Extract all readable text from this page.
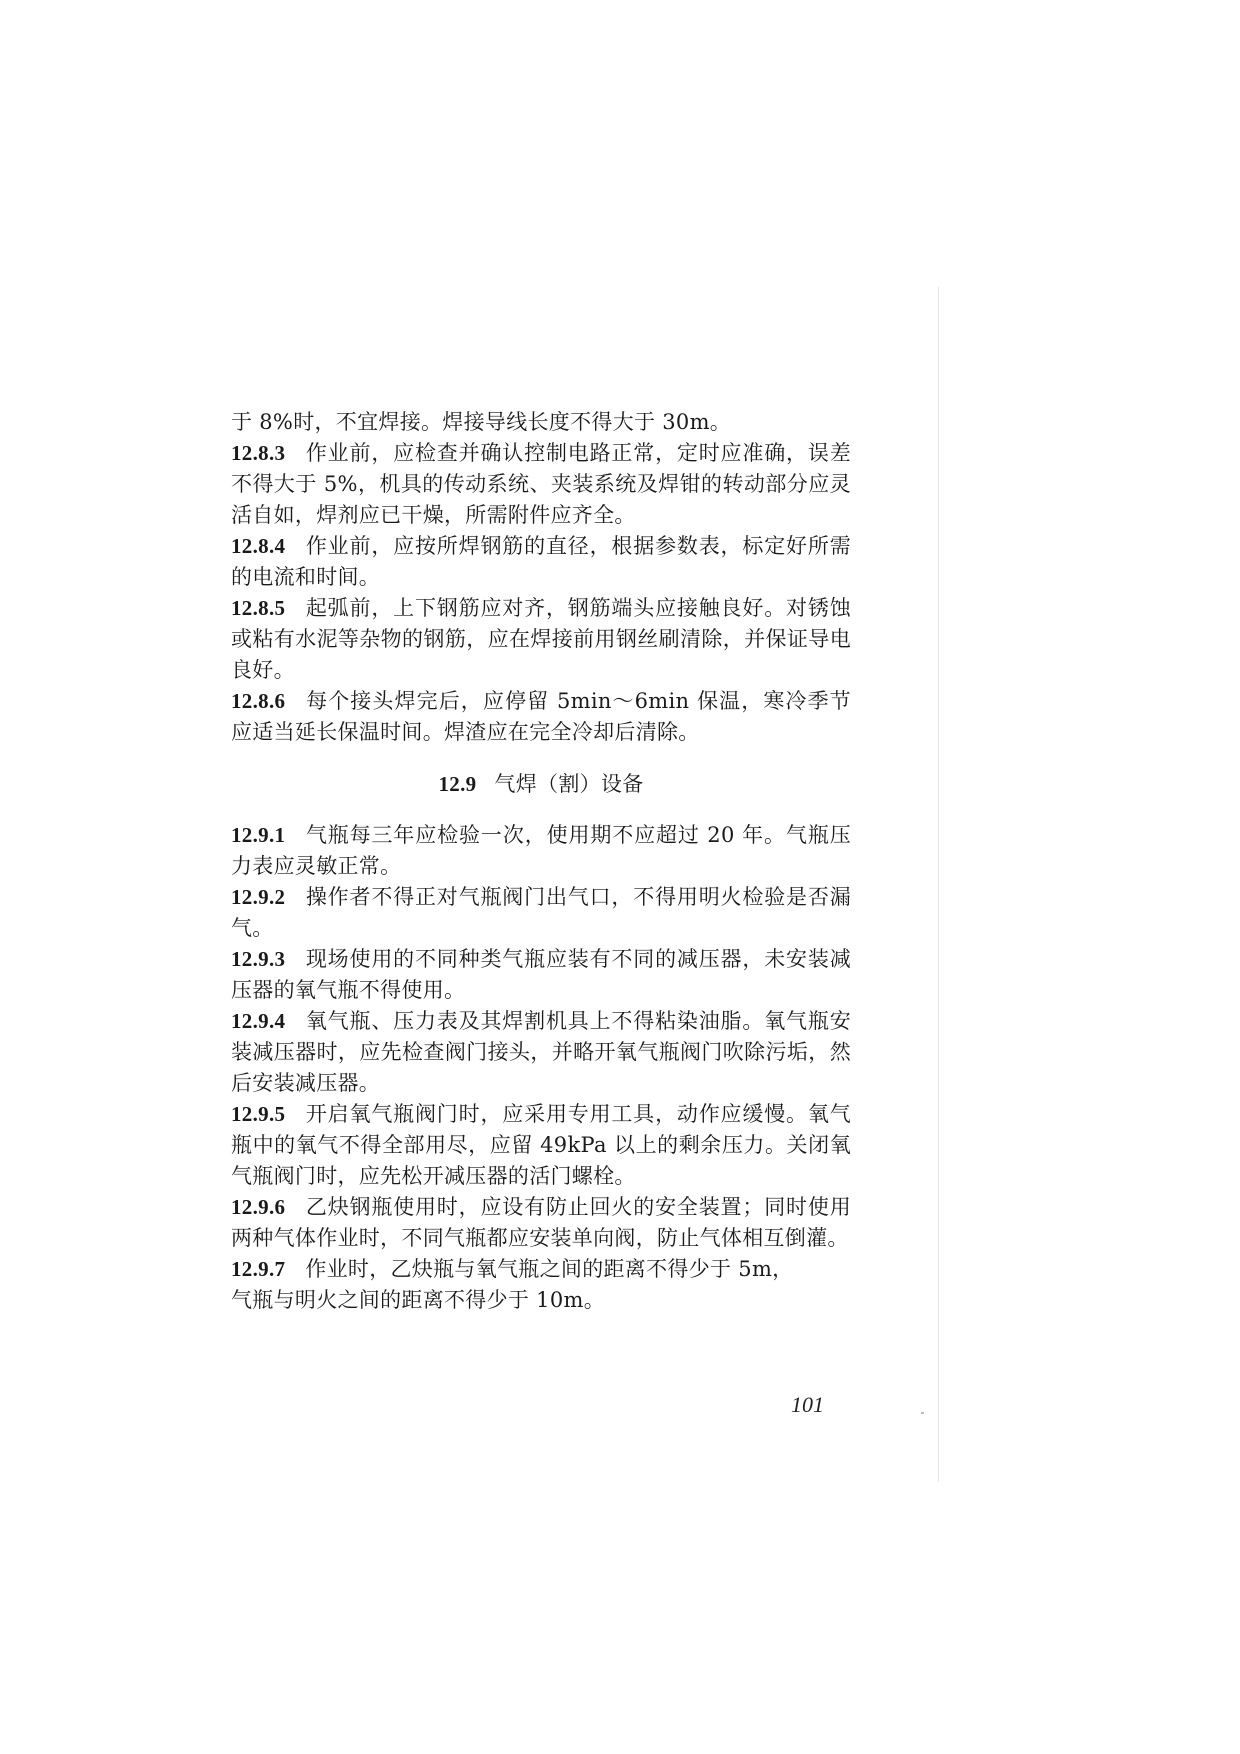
于 8%时，不宜焊接。焊接导线长度不得大于 30m。

12.8.3 作业前，应检查并确认控制电路正常，定时应准确，误差不得大于 5%，机具的传动系统、夹装系统及焊钳的转动部分应灵活自如，焊剂应已干燥，所需附件应齐全。

12.8.4 作业前，应按所焊钢筋的直径，根据参数表，标定好所需的电流和时间。

12.8.5 起弧前，上下钢筋应对齐，钢筋端头应接触良好。对锈蚀或粘有水泥等杂物的钢筋，应在焊接前用钢丝刷清除，并保证导电良好。

12.8.6 每个接头焊完后，应停留 5min～6min 保温，寒冷季节应适当延长保温时间。焊渣应在完全冷却后清除。

12.9 气焊（割）设备

12.9.1 气瓶每三年应检验一次，使用期不应超过 20 年。气瓶压力表应灵敏正常。

12.9.2 操作者不得正对气瓶阀门出气口，不得用明火检验是否漏气。

12.9.3 现场使用的不同种类气瓶应装有不同的减压器，未安装减压器的氧气瓶不得使用。

12.9.4 氧气瓶、压力表及其焊割机具上不得粘染油脂。氧气瓶安装减压器时，应先检查阀门接头，并略开氧气瓶阀门吹除污垢，然后安装减压器。

12.9.5 开启氧气瓶阀门时，应采用专用工具，动作应缓慢。氧气瓶中的氧气不得全部用尽，应留 49kPa 以上的剩余压力。关闭氧气瓶阀门时，应先松开减压器的活门螺栓。

12.9.6 乙炔钢瓶使用时，应设有防止回火的安全装置；同时使用两种气体作业时，不同气瓶都应安装单向阀，防止气体相互倒灌。

12.9.7 作业时，乙炔瓶与氧气瓶之间的距离不得少于 5m，
气瓶与明火之间的距离不得少于 10m。

101
